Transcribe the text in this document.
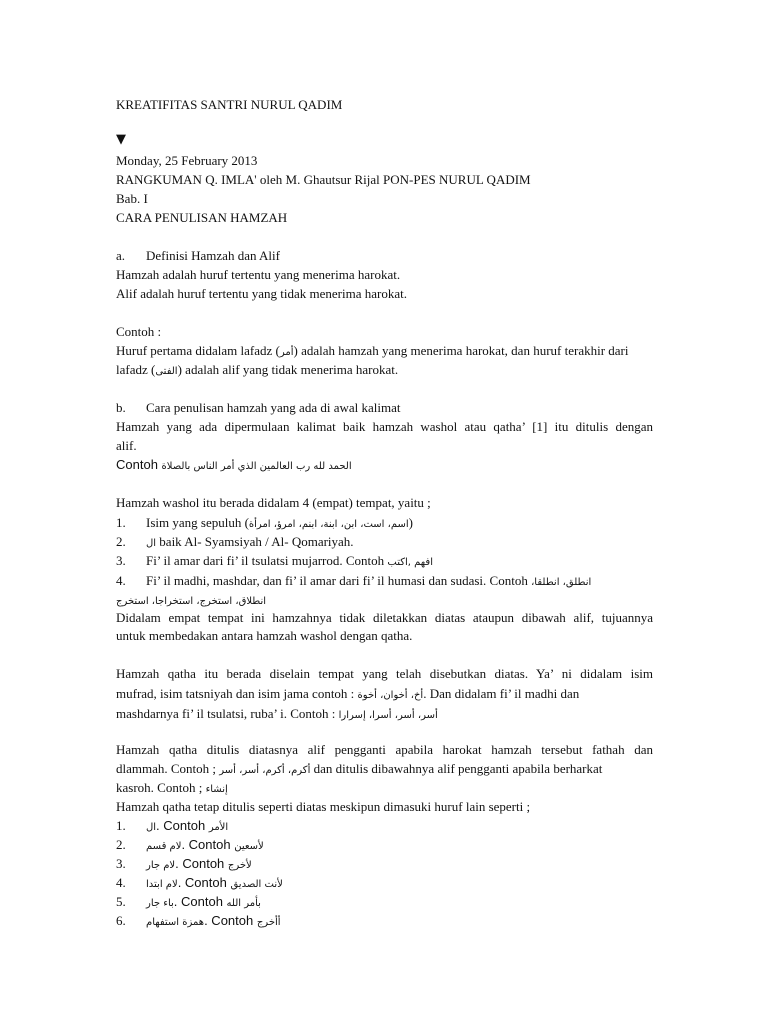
KREATIFITAS SANTRI NURUL QADIM
▼
Monday, 25 February 2013
RANGKUMAN Q. IMLA' oleh M. Ghautsur Rijal PON-PES NURUL QADIM
Bab. I
CARA PENULISAN HAMZAH
a. Definisi Hamzah dan Alif
Hamzah adalah huruf tertentu yang menerima harokat.
Alif adalah huruf tertentu yang tidak menerima harokat.
Contoh :
Huruf pertama didalam lafadz (أمر) adalah hamzah yang menerima harokat, dan huruf terakhir dari
lafadz (الفتى) adalah alif yang tidak menerima harokat.
b. Cara penulisan hamzah yang ada di awal kalimat
Hamzah yang ada dipermulaan kalimat baik hamzah washol atau qatha’ [1] itu ditulis dengan
alif.
Contoh الحمد لله رب العالمين الذي أمر الناس بالصلاة
Hamzah washol itu berada didalam 4 (empat) tempat, yaitu ;
1. Isim yang sepuluh (اسم، است، ابن، ابنة، ابنم، امرؤ، امرأة)
2. ال baik Al- Syamsiyah / Al- Qomariyah.
3. Fi’ il amar dari fi’ il tsulatsi mujarrod. Contoh افهم ,اكتب
4. Fi’ il madhi, mashdar, dan fi’ il amar dari fi’ il humasi dan sudasi. Contoh انطلق، انطلقا،
انطلاق، استخرج، استخراجا، استخرج
Didalam empat tempat ini hamzahnya tidak diletakkan diatas ataupun dibawah alif, tujuannya
untuk membedakan antara hamzah washol dengan qatha.
Hamzah qatha itu berada diselain tempat yang telah disebutkan diatas. Ya’ ni didalam isim
mufrad, isim tatsniyah dan isim jama contoh : أخ، أخوان، أخوة. Dan didalam fi’ il madhi dan
mashdarnya fi’ il tsulatsi, ruba’ i. Contoh : أسر، أسر، أسرا، إسرارا
Hamzah qatha ditulis diatasnya alif pengganti apabila harokat hamzah tersebut fathah dan
dlammah. Contoh ; أكرم، أكرم، أسر، أسر dan ditulis dibawahnya alif pengganti apabila berharkat
kasroh. Contoh ; إنشاء
Hamzah qatha tetap ditulis seperti diatas meskipun dimasuki huruf lain seperti ;
1. ال. Contoh الأمر
2. لام قسم. Contoh لأسعين
3. لام جار. Contoh لأخرج
4. لام ابتدا. Contoh لأنت الصديق
5. باء جار. Contoh بأمر الله
6. همزة استفهام. Contoh أأخرج
